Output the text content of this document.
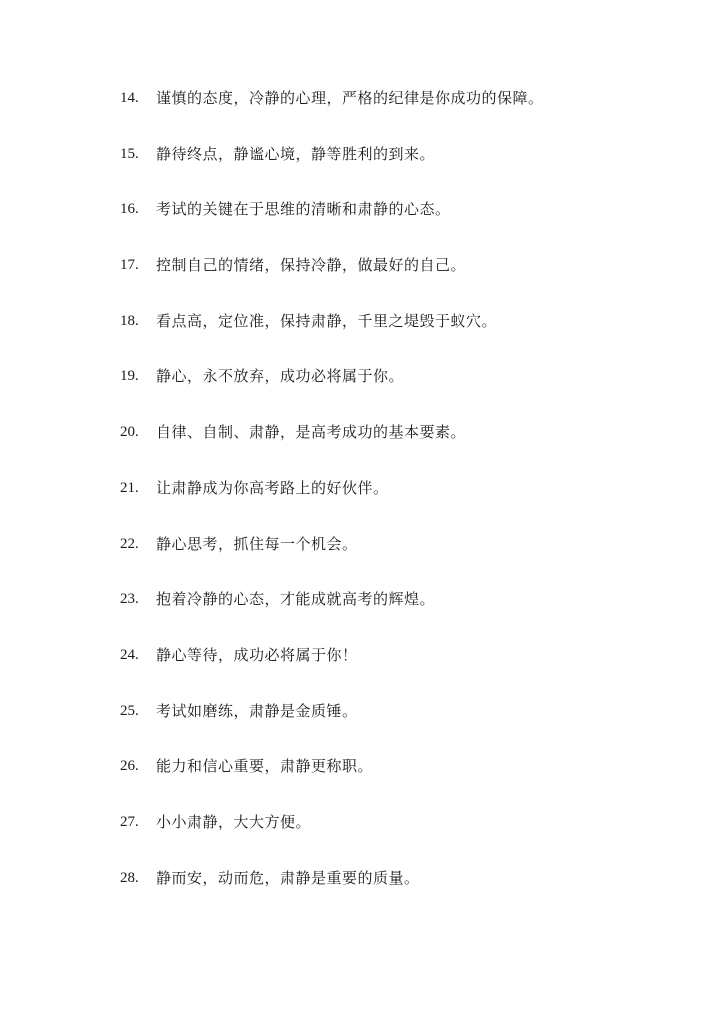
14.	谨慎的态度，冷静的心理，严格的纪律是你成功的保障。
15.	静待终点，静谧心境，静等胜利的到来。
16.	考试的关键在于思维的清晰和肃静的心态。
17.	控制自己的情绪，保持冷静，做最好的自己。
18.	看点高，定位准，保持肃静，千里之堤毁于蚁穴。
19.	静心，永不放弃，成功必将属于你。
20.	自律、自制、肃静，是高考成功的基本要素。
21.	让肃静成为你高考路上的好伙伴。
22.	静心思考，抓住每一个机会。
23.	抱着冷静的心态，才能成就高考的辉煌。
24.	静心等待，成功必将属于你！
25.	考试如磨练，肃静是金质锤。
26.	能力和信心重要，肃静更称职。
27.	小小肃静，大大方便。
28.	静而安，动而危，肃静是重要的质量。
